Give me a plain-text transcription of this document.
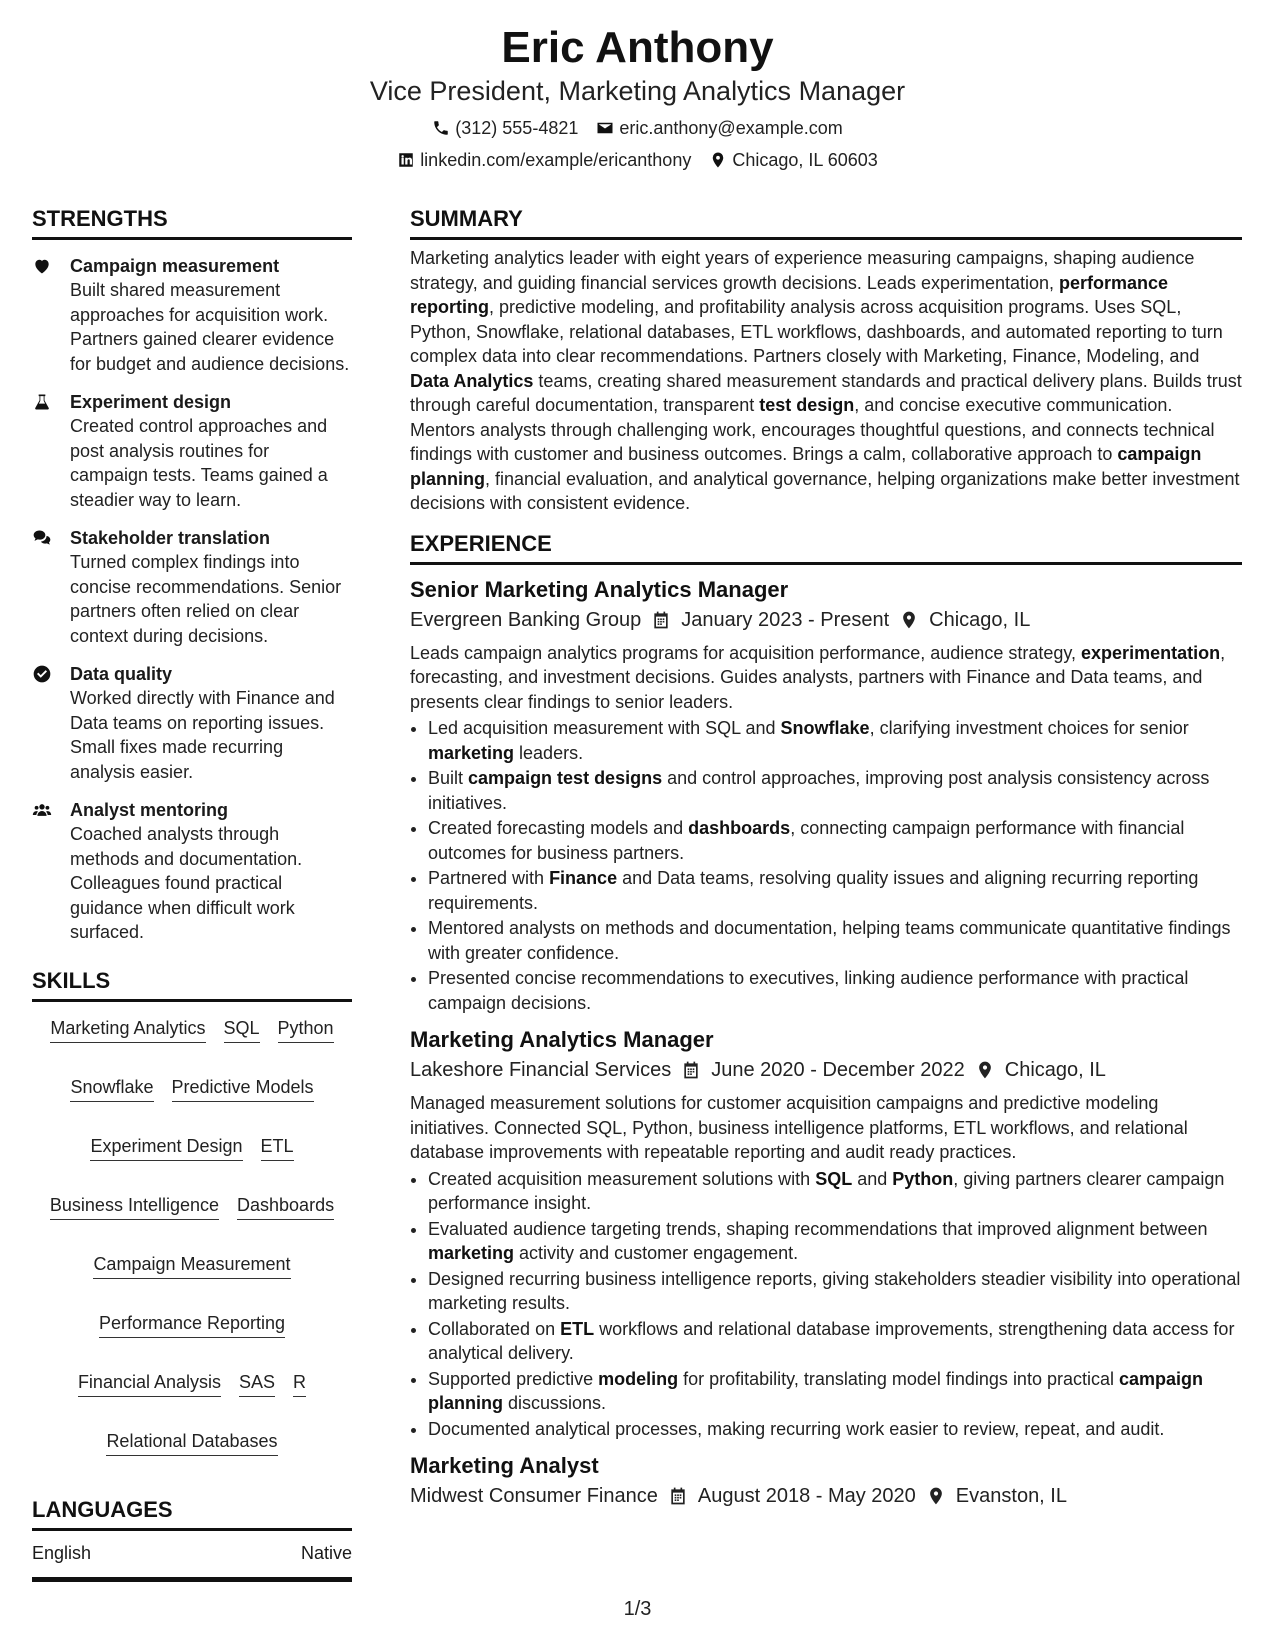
Eric Anthony
Vice President, Marketing Analytics Manager
(312) 555-4821 eric.anthony@example.com
linkedin.com/example/ericanthony Chicago, IL 60603
STRENGTHS
Campaign measurement
Built shared measurement approaches for acquisition work. Partners gained clearer evidence for budget and audience decisions.
Experiment design
Created control approaches and post analysis routines for campaign tests. Teams gained a steadier way to learn.
Stakeholder translation
Turned complex findings into concise recommendations. Senior partners often relied on clear context during decisions.
Data quality
Worked directly with Finance and Data teams on reporting issues. Small fixes made recurring analysis easier.
Analyst mentoring
Coached analysts through methods and documentation. Colleagues found practical guidance when difficult work surfaced.
SKILLS
Marketing Analytics SQL Python
Snowflake Predictive Models
Experiment Design ETL
Business Intelligence Dashboards
Campaign Measurement
Performance Reporting
Financial Analysis SAS R
Relational Databases
LANGUAGES
English	Native
SUMMARY
Marketing analytics leader with eight years of experience measuring campaigns, shaping audience strategy, and guiding financial services growth decisions. Leads experimentation, performance reporting, predictive modeling, and profitability analysis across acquisition programs. Uses SQL, Python, Snowflake, relational databases, ETL workflows, dashboards, and automated reporting to turn complex data into clear recommendations. Partners closely with Marketing, Finance, Modeling, and Data Analytics teams, creating shared measurement standards and practical delivery plans. Builds trust through careful documentation, transparent test design, and concise executive communication. Mentors analysts through challenging work, encourages thoughtful questions, and connects technical findings with customer and business outcomes. Brings a calm, collaborative approach to campaign planning, financial evaluation, and analytical governance, helping organizations make better investment decisions with consistent evidence.
EXPERIENCE
Senior Marketing Analytics Manager
Evergreen Banking Group January 2023 - Present Chicago, IL
Leads campaign analytics programs for acquisition performance, audience strategy, experimentation, forecasting, and investment decisions. Guides analysts, partners with Finance and Data teams, and presents clear findings to senior leaders.
• Led acquisition measurement with SQL and Snowflake, clarifying investment choices for senior marketing leaders.
• Built campaign test designs and control approaches, improving post analysis consistency across initiatives.
• Created forecasting models and dashboards, connecting campaign performance with financial outcomes for business partners.
• Partnered with Finance and Data teams, resolving quality issues and aligning recurring reporting requirements.
• Mentored analysts on methods and documentation, helping teams communicate quantitative findings with greater confidence.
• Presented concise recommendations to executives, linking audience performance with practical campaign decisions.
Marketing Analytics Manager
Lakeshore Financial Services June 2020 - December 2022 Chicago, IL
Managed measurement solutions for customer acquisition campaigns and predictive modeling initiatives. Connected SQL, Python, business intelligence platforms, ETL workflows, and relational database improvements with repeatable reporting and audit ready practices.
• Created acquisition measurement solutions with SQL and Python, giving partners clearer campaign performance insight.
• Evaluated audience targeting trends, shaping recommendations that improved alignment between marketing activity and customer engagement.
• Designed recurring business intelligence reports, giving stakeholders steadier visibility into operational marketing results.
• Collaborated on ETL workflows and relational database improvements, strengthening data access for analytical delivery.
• Supported predictive modeling for profitability, translating model findings into practical campaign planning discussions.
• Documented analytical processes, making recurring work easier to review, repeat, and audit.
Marketing Analyst
Midwest Consumer Finance August 2018 - May 2020 Evanston, IL
1/3
